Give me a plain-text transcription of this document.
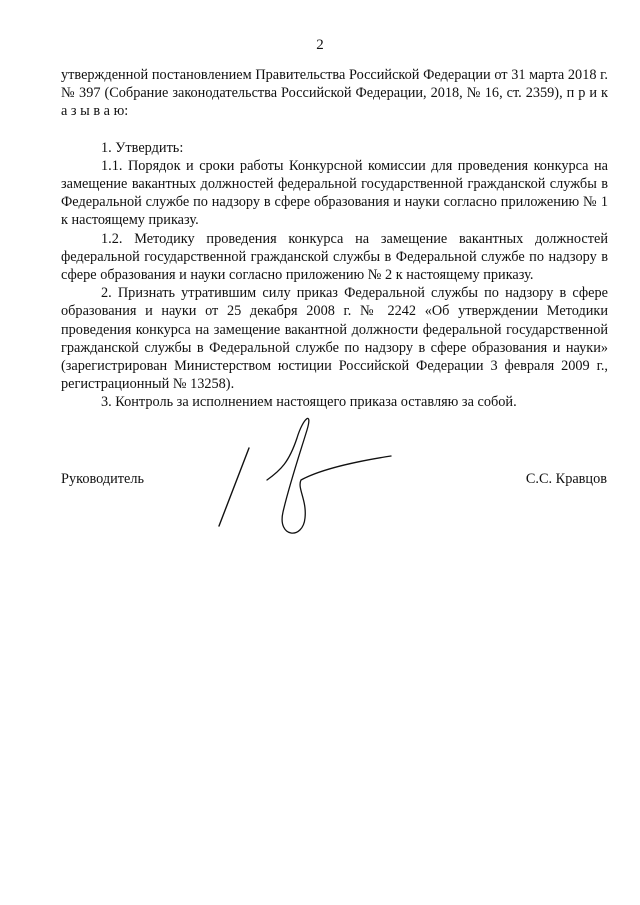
2

утвержденной постановлением Правительства Российской Федерации от 31 марта 2018 г. № 397 (Собрание законодательства Российской Федерации, 2018, № 16, ст. 2359), п р и к а з ы в а ю:

1. Утвердить:

1.1. Порядок и сроки работы Конкурсной комиссии для проведения конкурса на замещение вакантных должностей федеральной государственной гражданской службы в Федеральной службе по надзору в сфере образования и науки согласно приложению № 1 к настоящему приказу.

1.2. Методику проведения конкурса на замещение вакантных должностей федеральной государственной гражданской службы в Федеральной службе по надзору в сфере образования и науки согласно приложению № 2 к настоящему приказу.

2. Признать утратившим силу приказ Федеральной службы по надзору в сфере образования и науки от 25 декабря 2008 г. № 2242 «Об утверждении Методики проведения конкурса на замещение вакантной должности федеральной государственной гражданской службы в Федеральной службе по надзору в сфере образования и науки» (зарегистрирован Министерством юстиции Российской Федерации 3 февраля 2009 г., регистрационный № 13258).

3. Контроль за исполнением настоящего приказа оставляю за собой.

Руководитель	С.С. Кравцов
